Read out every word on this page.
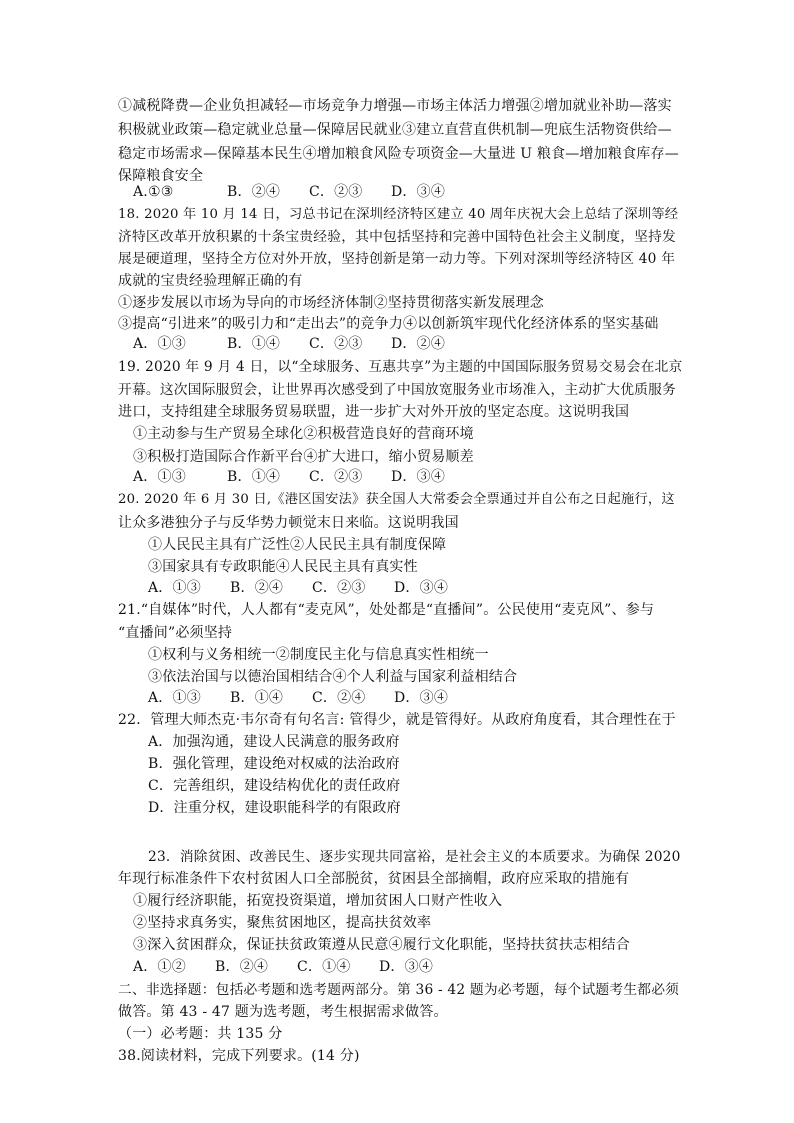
①减税降费—企业负担减轻—市场竞争力增强—市场主体活力增强②增加就业补助—落实
积极就业政策—稳定就业总量—保障居民就业③建立直营直供机制—兜底生活物资供给—
稳定市场需求—保障基本民生④增加粮食风险专项资金—大量进 U 粮食—增加粮食库存—
保障粮食安全
A.①③	B．②④ C．②③ D．③④
18. 2020 年 10 月 14 日，习总书记在深圳经济特区建立 40 周年庆祝大会上总结了深圳等经
济特区改革开放积累的十条宝贵经验，其中包括坚持和完善中国特色社会主义制度，坚持发
展是硬道理，坚持全方位对外开放，坚持创新是第一动力等。下列对深圳等经济特区 40 年
成就的宝贵经验理解正确的有
①逐步发展以市场为导向的市场经济体制②坚持贯彻落实新发展理念
③提高“引进来”的吸引力和“走出去”的竞争力④以创新筑牢现代化经济体系的坚实基础
A．①③	B．①④ C．②③ D．②④
19. 2020 年 9 月 4 日，以“全球服务、互惠共享”为主题的中国国际服务贸易交易会在北京
开幕。这次国际服贸会，让世界再次感受到了中国放宽服务业市场准入，主动扩大优质服务
进口，支持组建全球服务贸易联盟，进一步扩大对外开放的坚定态度。这说明我国
①主动参与生产贸易全球化②积极营造良好的营商环境
③积极打造国际合作新平台④扩大进口，缩小贸易顺差
A．①③	B．①④ C．②③ D．③④
20. 2020 年 6 月 30 日,《港区国安法》获全国人大常委会全票通过并自公布之日起施行，这
让众多港独分子与反华势力顿觉末日来临。这说明我国
①人民民主具有广泛性②人民民主具有制度保障
③国家具有专政职能④人民民主具有真实性
A．①③ B．②④ C．②③ D．③④
21.“自媒体”时代，人人都有“麦克风”，处处都是“直播间”。公民使用“麦克风”、参与
“直播间”必须坚持
①权利与义务相统一②制度民主化与信息真实性相统一
③依法治国与以德治国相结合④个人利益与国家利益相结合
A．①③ B．①④ C．②④ D．③④
22．管理大师杰克·韦尔奇有句名言: 管得少，就是管得好。从政府角度看，其合理性在于
A．加强沟通，建设人民满意的服务政府
B．强化管理，建设绝对权威的法治政府
C．完善组织，建设结构优化的责任政府
D．注重分权，建设职能科学的有限政府
23．消除贫困、改善民生、逐步实现共同富裕，是社会主义的本质要求。为确保 2020
年现行标准条件下农村贫困人口全部脱贫，贫困县全部摘帽，政府应采取的措施有
①履行经济职能，拓宽投资渠道，增加贫困人口财产性收入
②坚持求真务实，聚焦贫困地区，提高扶贫效率
③深入贫困群众，保证扶贫政策遵从民意④履行文化职能，坚持扶贫扶志相结合
A．①② B．②④ C．①④ D．③④
二、非选择题：包括必考题和选考题两部分。第 36 - 42 题为必考题，每个试题考生都必须
做答。第 43 - 47 题为选考题，考生根据需求做答。
（一）必考题：共 135 分
38.阅读材料，完成下列要求。(14 分)
